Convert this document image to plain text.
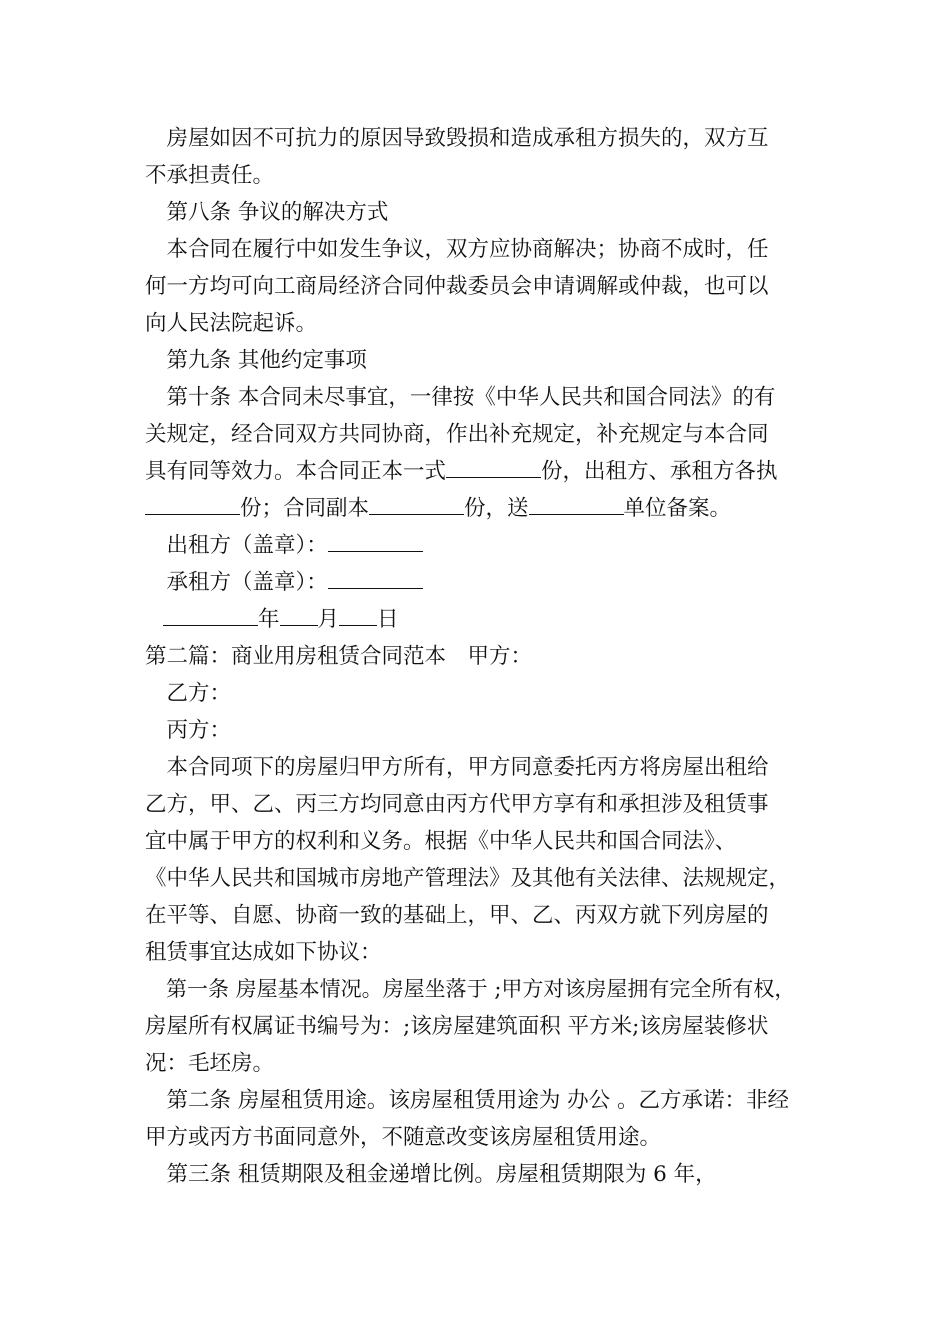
　房屋如因不可抗力的原因导致毁损和造成承租方损失的，双方互
不承担责任。
　第八条 争议的解决方式
　本合同在履行中如发生争议，双方应协商解决；协商不成时，任
何一方均可向工商局经济合同仲裁委员会申请调解或仲裁，也可以
向人民法院起诉。
　第九条 其他约定事项
　第十条 本合同未尽事宜，一律按《中华人民共和国合同法》的有
关规定，经合同双方共同协商，作出补充规定，补充规定与本合同
具有同等效力。本合同正本一式	份，出租方、承租方各执
份；合同副本	份，送	单位备案。
　出租方（盖章）：
　承租方（盖章）：
年 月 日
第二篇：商业用房租赁合同范本　甲方：
　乙方：
　丙方：
　本合同项下的房屋归甲方所有，甲方同意委托丙方将房屋出租给
乙方，甲、乙、丙三方均同意由丙方代甲方享有和承担涉及租赁事
宜中属于甲方的权利和义务。根据《中华人民共和国合同法》、
《中华人民共和国城市房地产管理法》及其他有关法律、法规规定，
在平等、自愿、协商一致的基础上，甲、乙、丙双方就下列房屋的
租赁事宜达成如下协议：
　第一条 房屋基本情况。房屋坐落于 ;甲方对该房屋拥有完全所有权，
房屋所有权属证书编号为：;该房屋建筑面积 平方米;该房屋装修状
况：毛坯房。
　第二条 房屋租赁用途。该房屋租赁用途为 办公 。乙方承诺：非经
甲方或丙方书面同意外，不随意改变该房屋租赁用途。
　第三条 租赁期限及租金递增比例。房屋租赁期限为 6 年，
